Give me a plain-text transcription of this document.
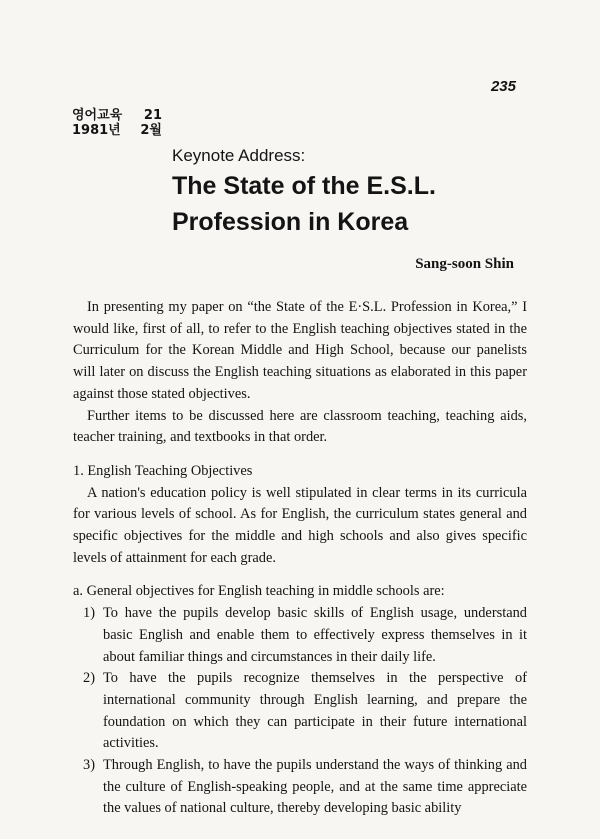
235
영어교육 21
1981년 2월
Keynote Address:
The State of the E.S.L.
Profession in Korea
Sang-soon Shin

In presenting my paper on “the State of the E·S.L. Profession in Korea,” I would like, first of all, to refer to the English teaching objectives stated in the Curriculum for the Korean Middle and High School, because our panelists will later on discuss the English teaching situations as elaborated in this paper against those stated objectives.

Further items to be discussed here are classroom teaching, teaching aids, teacher training, and textbooks in that order.

1. English Teaching Objectives

A nation's education policy is well stipulated in clear terms in its curricula for various levels of school. As for English, the curriculum states general and specific objectives for the middle and high schools and also gives specific levels of attainment for each grade.

a. General objectives for English teaching in middle schools are:

1) To have the pupils develop basic skills of English usage, understand basic English and enable them to effectively express themselves in it about familiar things and circumstances in their daily life.
2) To have the pupils recognize themselves in the perspective of international community through English learning, and prepare the foundation on which they can participate in their future international activities.
3) Through English, to have the pupils understand the ways of thinking and the culture of English-speaking people, and at the same time appreciate the values of national culture, thereby developing basic ability
